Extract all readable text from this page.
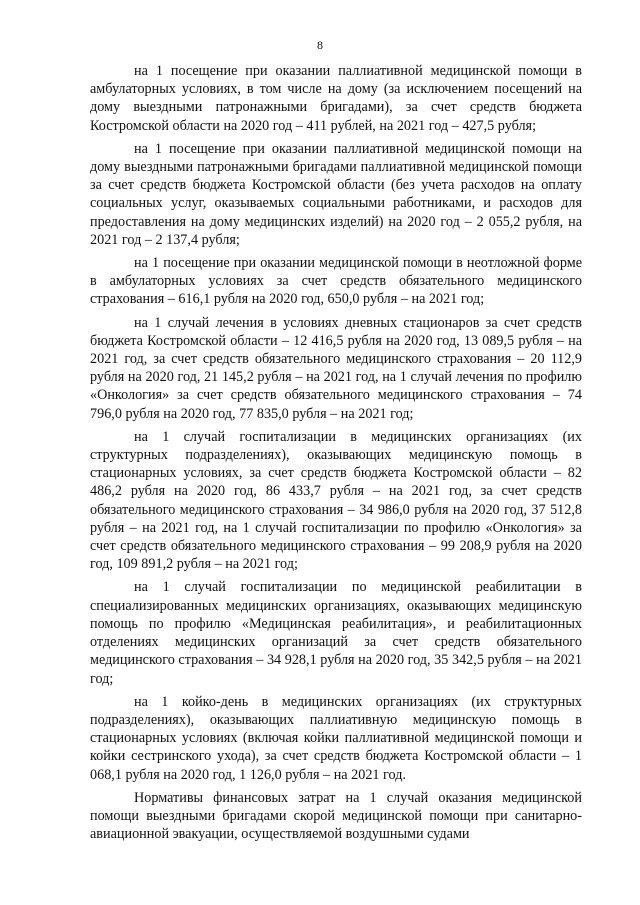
8

на 1 посещение при оказании паллиативной медицинской помощи в амбулаторных условиях, в том числе на дому (за исключением посещений на дому выездными патронажными бригадами), за счет средств бюджета Костромской области на 2020 год – 411 рублей, на 2021 год – 427,5 рубля;

на 1 посещение при оказании паллиативной медицинской помощи на дому выездными патронажными бригадами паллиативной медицинской помощи за счет средств бюджета Костромской области (без учета расходов на оплату социальных услуг, оказываемых социальными работниками, и расходов для предоставления на дому медицинских изделий) на 2020 год – 2 055,2 рубля, на 2021 год – 2 137,4 рубля;

на 1 посещение при оказании медицинской помощи в неотложной форме в амбулаторных условиях за счет средств обязательного медицинского страхования – 616,1 рубля на 2020 год, 650,0 рубля – на 2021 год;

на 1 случай лечения в условиях дневных стационаров за счет средств бюджета Костромской области – 12 416,5 рубля на 2020 год, 13 089,5 рубля – на 2021 год, за счет средств обязательного медицинского страхования – 20 112,9 рубля на 2020 год, 21 145,2 рубля – на 2021 год, на 1 случай лечения по профилю «Онкология» за счет средств обязательного медицинского страхования – 74 796,0 рубля на 2020 год, 77 835,0 рубля – на 2021 год;

на 1 случай госпитализации в медицинских организациях (их структурных подразделениях), оказывающих медицинскую помощь в стационарных условиях, за счет средств бюджета Костромской области – 82 486,2 рубля на 2020 год, 86 433,7 рубля – на 2021 год, за счет средств обязательного медицинского страхования – 34 986,0 рубля на 2020 год, 37 512,8 рубля – на 2021 год, на 1 случай госпитализации по профилю «Онкология» за счет средств обязательного медицинского страхования – 99 208,9 рубля на 2020 год, 109 891,2 рубля – на 2021 год;

на 1 случай госпитализации по медицинской реабилитации в специализированных медицинских организациях, оказывающих медицинскую помощь по профилю «Медицинская реабилитация», и реабилитационных отделениях медицинских организаций за счет средств обязательного медицинского страхования – 34 928,1 рубля на 2020 год, 35 342,5 рубля – на 2021 год;

на 1 койко-день в медицинских организациях (их структурных подразделениях), оказывающих паллиативную медицинскую помощь в стационарных условиях (включая койки паллиативной медицинской помощи и койки сестринского ухода), за счет средств бюджета Костромской области – 1 068,1 рубля на 2020 год, 1 126,0 рубля – на 2021 год.

Нормативы финансовых затрат на 1 случай оказания медицинской помощи выездными бригадами скорой медицинской помощи при санитарно-авиационной эвакуации, осуществляемой воздушными судами
